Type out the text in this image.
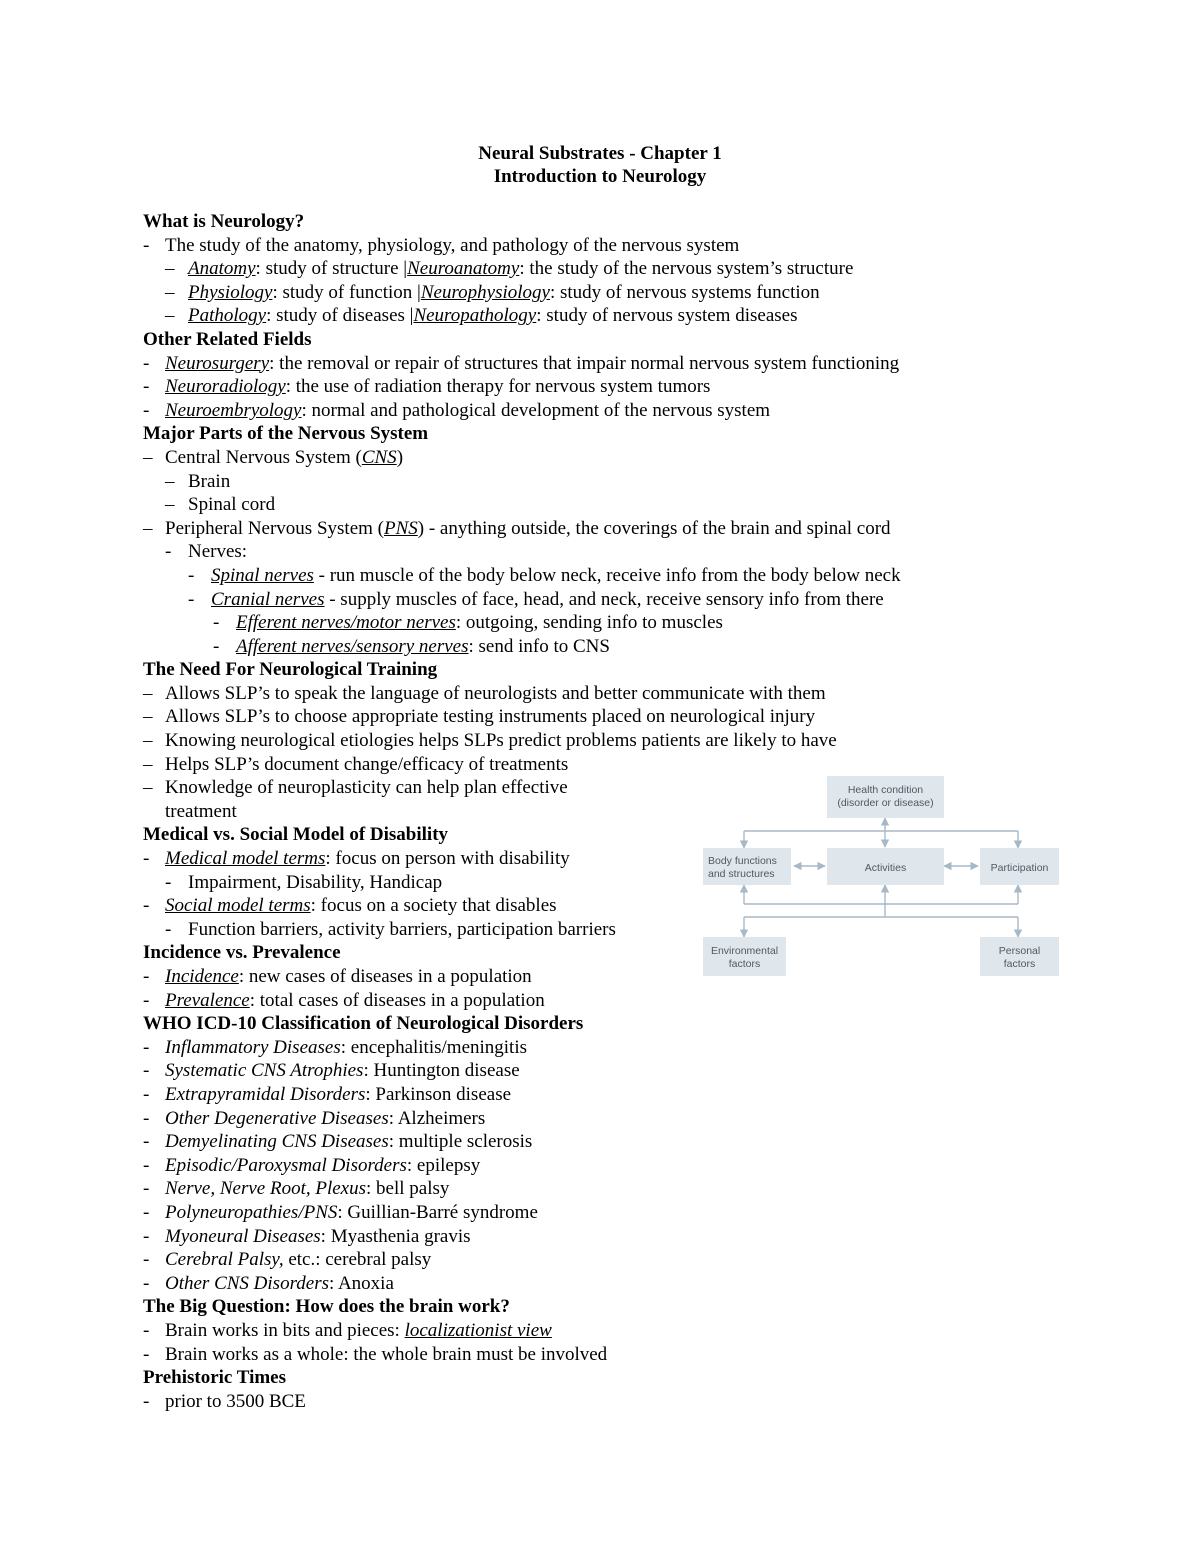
Neural Substrates - Chapter 1
Introduction to Neurology
What is Neurology?
- The study of the anatomy, physiology, and pathology of the nervous system
– Anatomy: study of structure |Neuroanatomy: the study of the nervous system’s structure
– Physiology: study of function |Neurophysiology: study of nervous systems function
– Pathology: study of diseases |Neuropathology: study of nervous system diseases
Other Related Fields
- Neurosurgery: the removal or repair of structures that impair normal nervous system functioning
- Neuroradiology: the use of radiation therapy for nervous system tumors
- Neuroembryology: normal and pathological development of the nervous system
Major Parts of the Nervous System
– Central Nervous System (CNS)
– Brain
– Spinal cord
– Peripheral Nervous System (PNS) - anything outside, the coverings of the brain and spinal cord
- Nerves:
- Spinal nerves - run muscle of the body below neck, receive info from the body below neck
- Cranial nerves - supply muscles of face, head, and neck, receive sensory info from there
- Efferent nerves/motor nerves: outgoing, sending info to muscles
- Afferent nerves/sensory nerves: send info to CNS
The Need For Neurological Training
– Allows SLP’s to speak the language of neurologists and better communicate with them
– Allows SLP’s to choose appropriate testing instruments placed on neurological injury
– Knowing neurological etiologies helps SLPs predict problems patients are likely to have
– Helps SLP’s document change/efficacy of treatments
– Knowledge of neuroplasticity can help plan effective
treatment
Medical vs. Social Model of Disability
- Medical model terms: focus on person with disability
- Impairment, Disability, Handicap
- Social model terms: focus on a society that disables
- Function barriers, activity barriers, participation barriers
Incidence vs. Prevalence
- Incidence: new cases of diseases in a population
- Prevalence: total cases of diseases in a population
WHO ICD-10 Classification of Neurological Disorders
- Inflammatory Diseases: encephalitis/meningitis
- Systematic CNS Atrophies: Huntington disease
- Extrapyramidal Disorders: Parkinson disease
- Other Degenerative Diseases: Alzheimers
- Demyelinating CNS Diseases: multiple sclerosis
- Episodic/Paroxysmal Disorders: epilepsy
- Nerve, Nerve Root, Plexus: bell palsy
- Polyneuropathies/PNS: Guillian-Barré syndrome
- Myoneural Diseases: Myasthenia gravis
- Cerebral Palsy, etc.: cerebral palsy
- Other CNS Disorders: Anoxia
The Big Question: How does the brain work?
- Brain works in bits and pieces: localizationist view
- Brain works as a whole: the whole brain must be involved
Prehistoric Times
- prior to 3500 BCE
Health condition
(disorder or disease)
Body functions
and structures	Activities	Participation
Environmental
factors
Personal
factors
